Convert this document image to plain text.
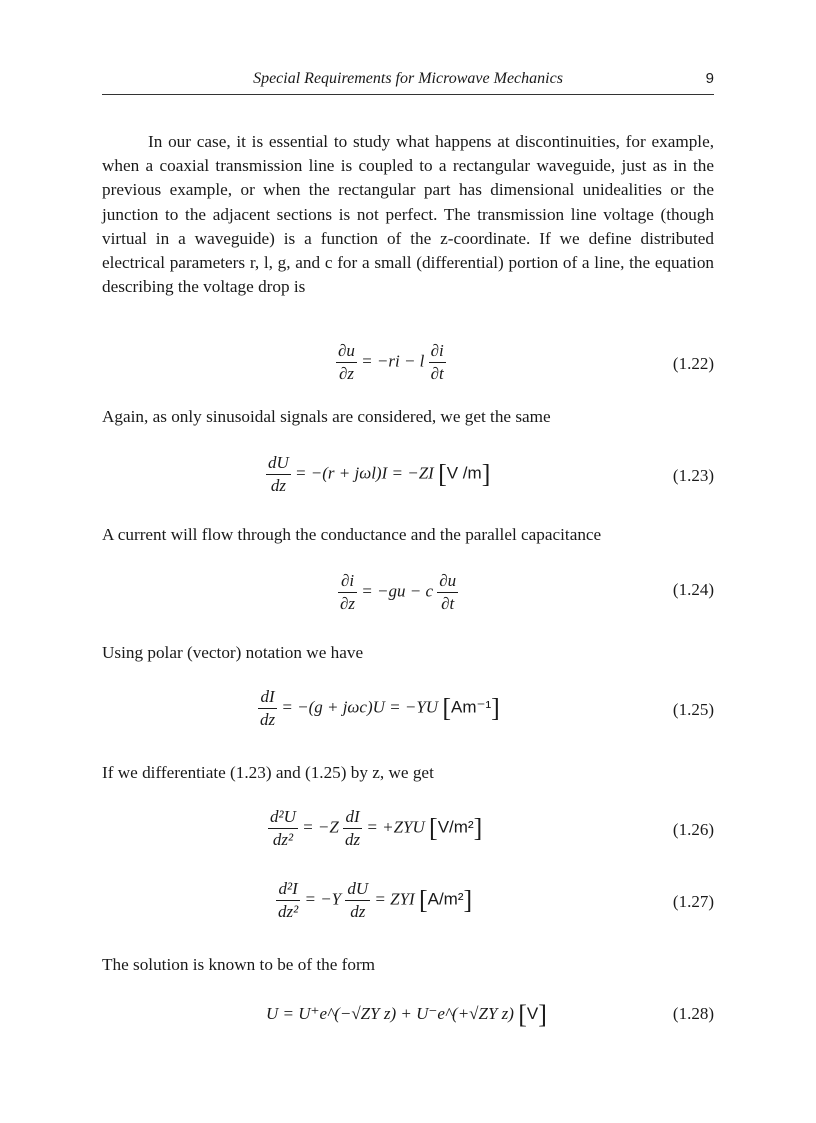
Special Requirements for Microwave Mechanics	9

In our case, it is essential to study what happens at discontinuities, for example, when a coaxial transmission line is coupled to a rectangular waveguide, just as in the previous example, or when the rectangular part has dimensional unidealities or the junction to the adjacent sections is not perfect. The transmission line voltage (though virtual in a waveguide) is a function of the z-coordinate. If we define distributed electrical parameters r, l, g, and c for a small (differential) portion of a line, the equation describing the voltage drop is

$\frac{\partial u}{\partial z} = -ri - l \frac{\partial i}{\partial t}$	(1.22)

Again, as only sinusoidal signals are considered, we get the same

$\frac{dU}{dz} = -(r + j\omega l)I = -ZI$ [V /m]	(1.23)

A current will flow through the conductance and the parallel capacitance

$\frac{\partial i}{\partial z} = -gu - c \frac{\partial u}{\partial t}$	(1.24)

Using polar (vector) notation we have

$\frac{dI}{dz} = -(g + j\omega c)U = -YU$ [Am⁻¹]	(1.25)

If we differentiate (1.23) and (1.25) by z, we get

$\frac{\text{d²U}}{\text{dz²}} = -Z \frac{dI}{dz} = +ZYU$ [V/m²]	(1.26)
$\frac{\text{d²I}}{\text{dz²}} = -Y \frac{dU}{dz}$ = ZYI [A/m²]	(1.27)

The solution is known to be of the form

U = U⁺e^(−√ZY z) + U⁻e^(+√ZY z) [V]	(1.28)
